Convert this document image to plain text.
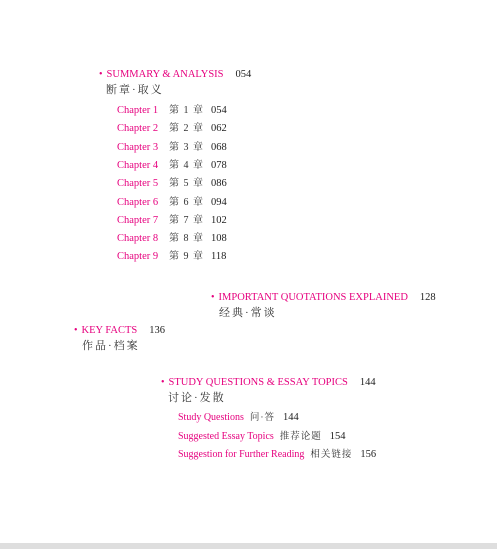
• SUMMARY & ANALYSIS 054
断章·取义
Chapter 1 第 1 章 054
Chapter 2 第 2 章 062
Chapter 3 第 3 章 068
Chapter 4 第 4 章 078
Chapter 5 第 5 章 086
Chapter 6 第 6 章 094
Chapter 7 第 7 章 102
Chapter 8 第 8 章 108
Chapter 9 第 9 章 118
• IMPORTANT QUOTATIONS EXPLAINED 128
经典·常谈
• KEY FACTS 136
作品·档案
• STUDY QUESTIONS & ESSAY TOPICS 144
讨论·发散
Study Questions 问·答 144
Suggested Essay Topics 推荐论题 154
Suggestion for Further Reading 相关链接 156
